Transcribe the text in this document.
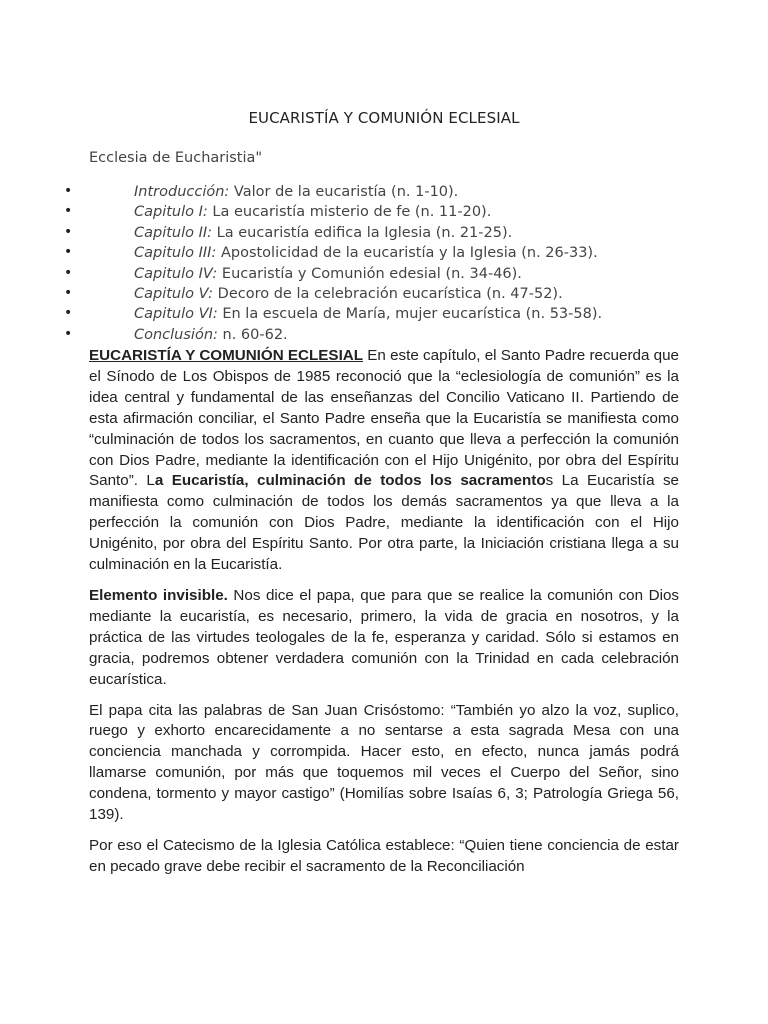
EUCARISTÍA Y COMUNIÓN ECLESIAL
Ecclesia de Eucharistia"
•	Introducción: Valor de la eucaristía (n. 1-10).
•	Capitulo I: La eucaristía misterio de fe (n. 11-20).
•	Capitulo II: La eucaristía edifica la Iglesia (n. 21-25).
•	Capitulo III: Apostolicidad de la eucaristía y la Iglesia (n. 26-33).
•	Capitulo IV: Eucaristía y Comunión edesial (n. 34-46).
•	Capitulo V: Decoro de la celebración eucarística (n. 47-52).
•	Capitulo VI: En la escuela de María, mujer eucarística (n. 53-58).
•	Conclusión: n. 60-62.

EUCARISTÍA Y COMUNIÓN ECLESIAL En este capítulo, el Santo Padre recuerda que el Sínodo de Los Obispos de 1985 reconoció que la “eclesiología de comunión” es la idea central y fundamental de las enseñanzas del Concilio Vaticano II. Partiendo de esta afirmación conciliar, el Santo Padre enseña que la Eucaristía se manifiesta como “culminación de todos los sacramentos, en cuanto que lleva a perfección la comunión con Dios Padre, mediante la identificación con el Hijo Unigénito, por obra del Espíritu Santo”. La Eucaristía, culminación de todos los sacramentos La Eucaristía se manifiesta como culminación de todos los demás sacramentos ya que lleva a la perfección la comunión con Dios Padre, mediante la identificación con el Hijo Unigénito, por obra del Espíritu Santo. Por otra parte, la Iniciación cristiana llega a su culminación en la Eucaristía.

Elemento invisible. Nos dice el papa, que para que se realice la comunión con Dios mediante la eucaristía, es necesario, primero, la vida de gracia en nosotros, y la práctica de las virtudes teologales de la fe, esperanza y caridad. Sólo si estamos en gracia, podremos obtener verdadera comunión con la Trinidad en cada celebración eucarística.

El papa cita las palabras de San Juan Crisóstomo: “También yo alzo la voz, suplico, ruego y exhorto encarecidamente a no sentarse a esta sagrada Mesa con una conciencia manchada y corrompida. Hacer esto, en efecto, nunca jamás podrá llamarse comunión, por más que toquemos mil veces el Cuerpo del Señor, sino condena, tormento y mayor castigo” (Homilías sobre Isaías 6, 3; Patrología Griega 56, 139).

Por eso el Catecismo de la Iglesia Católica establece: “Quien tiene conciencia de estar en pecado grave debe recibir el sacramento de la Reconciliación
